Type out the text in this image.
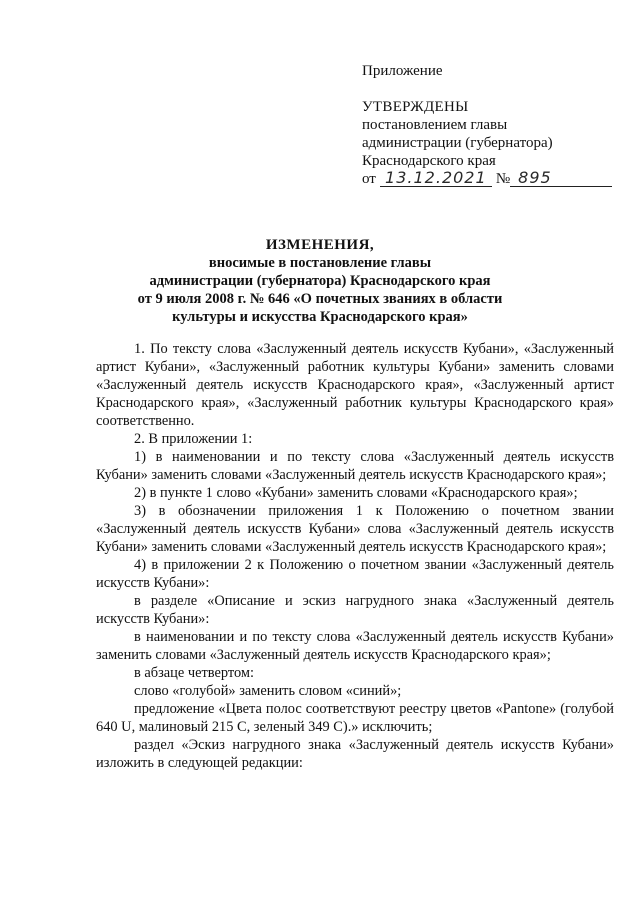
Приложение

УТВЕРЖДЕНЫ

постановлением главы

администрации (губернатора)

Краснодарского края

от 13.12.2021 № 895

ИЗМЕНЕНИЯ,
вносимые в постановление главы
администрации (губернатора) Краснодарского края
от 9 июля 2008 г. № 646 «О почетных званиях в области
культуры и искусства Краснодарского края»

1. По тексту слова «Заслуженный деятель искусств Кубани», «Заслуженный артист Кубани», «Заслуженный работник культуры Кубани» заменить словами «Заслуженный деятель искусств Краснодарского края», «Заслуженный артист Краснодарского края», «Заслуженный работник культуры Краснодарского края» соответственно.

2. В приложении 1:

1) в наименовании и по тексту слова «Заслуженный деятель искусств Кубани» заменить словами «Заслуженный деятель искусств Краснодарского края»;

2) в пункте 1 слово «Кубани» заменить словами «Краснодарского края»;

3) в обозначении приложения 1 к Положению о почетном звании «Заслуженный деятель искусств Кубани» слова «Заслуженный деятель искусств Кубани» заменить словами «Заслуженный деятель искусств Краснодарского края»;

4) в приложении 2 к Положению о почетном звании «Заслуженный деятель искусств Кубани»:

в разделе «Описание и эскиз нагрудного знака «Заслуженный деятель искусств Кубани»:

в наименовании и по тексту слова «Заслуженный деятель искусств Кубани» заменить словами «Заслуженный деятель искусств Краснодарского края»;

в абзаце четвертом:

слово «голубой» заменить словом «синий»;

предложение «Цвета полос соответствуют реестру цветов «Pantone» (голубой 640 U, малиновый 215 С, зеленый 349 С).» исключить;

раздел «Эскиз нагрудного знака «Заслуженный деятель искусств Кубани» изложить в следующей редакции:
